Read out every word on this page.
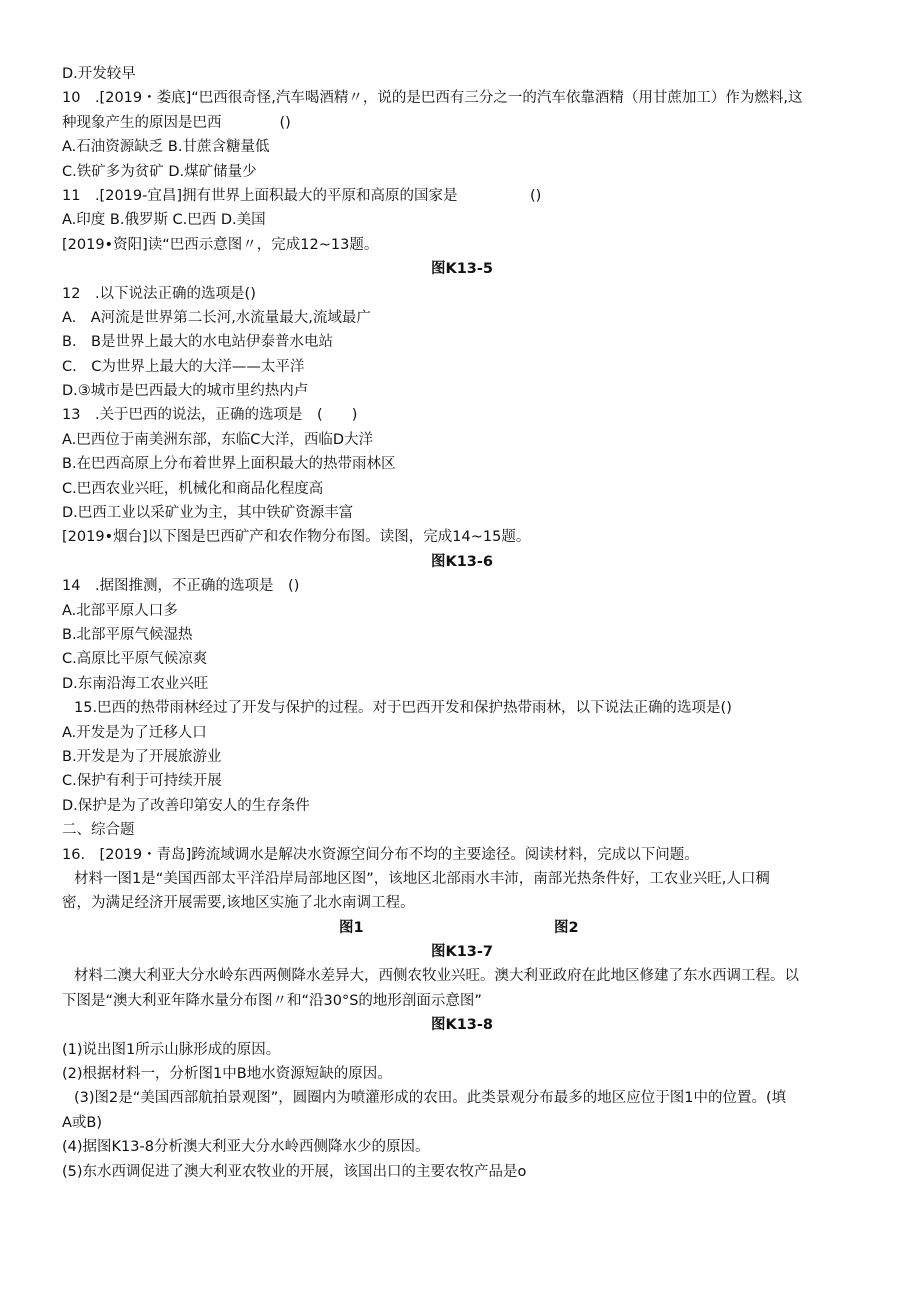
D.开发较早
10　.[2019・娄底]“巴西很奇怪,汽车喝酒精〃，说的是巴西有三分之一的汽车依靠酒精（用甘蔗加工）作为燃料,这
种现象产生的原因是巴西　　　　()
A.石油资源缺乏 B.甘蔗含糖量低
C.铁矿多为贫矿 D.煤矿储量少
11　.[2019-宜昌]拥有世界上面积最大的平原和高原的国家是　　　　　()
A.印度 B.俄罗斯 C.巴西 D.美国
[2019•资阳]读“巴西示意图〃，完成12~13题。
图K13-5
12　.以下说法正确的选项是()
A.　A河流是世界第二长河,水流量最大,流域最广
B.　B是世界上最大的水电站伊泰普水电站
C.　C为世界上最大的大洋——太平洋
D.③城市是巴西最大的城市里约热内卢
13　.关于巴西的说法，正确的选项是　(　　)
A.巴西位于南美洲东部，东临C大洋，西临D大洋
B.在巴西高原上分布着世界上面积最大的热带雨林区
C.巴西农业兴旺，机械化和商品化程度高
D.巴西工业以采矿业为主，其中铁矿资源丰富
[2019•烟台]以下图是巴西矿产和农作物分布图。读图，完成14~15题。
图K13-6
14　.据图推测，不正确的选项是　()
A.北部平原人口多
B.北部平原气候湿热
C.高原比平原气候凉爽
D.东南沿海工农业兴旺
15.巴西的热带雨林经过了开发与保护的过程。对于巴西开发和保护热带雨林，以下说法正确的选项是()
A.开发是为了迁移人口
B.开发是为了开展旅游业
C.保护有利于可持续开展
D.保护是为了改善印第安人的生存条件
二、综合题
16.　[2019・青岛]跨流域调水是解决水资源空间分布不均的主要途径。阅读材料，完成以下问题。
材料一图1是“美国西部太平洋沿岸局部地区图”，该地区北部雨水丰沛，南部光热条件好，工农业兴旺,人口稠
密，为满足经济开展需要,该地区实施了北水南调工程。
图1	图2
图K13-7
材料二澳大利亚大分水岭东西两侧降水差异大，西侧农牧业兴旺。澳大利亚政府在此地区修建了东水西调工程。以
下图是“澳大利亚年降水量分布图〃和“沿30°S的地形剖面示意图”
图K13-8
(1)说出图1所示山脉形成的原因。
(2)根据材料一，分析图1中B地水资源短缺的原因。
(3)图2是“美国西部航拍景观图”，圆圈内为喷灌形成的农田。此类景观分布最多的地区应位于图1中的位置。(填
A或B)
(4)据图K13-8分析澳大利亚大分水岭西侧降水少的原因。
(5)东水西调促进了澳大利亚农牧业的开展，该国出口的主要农牧产品是o
